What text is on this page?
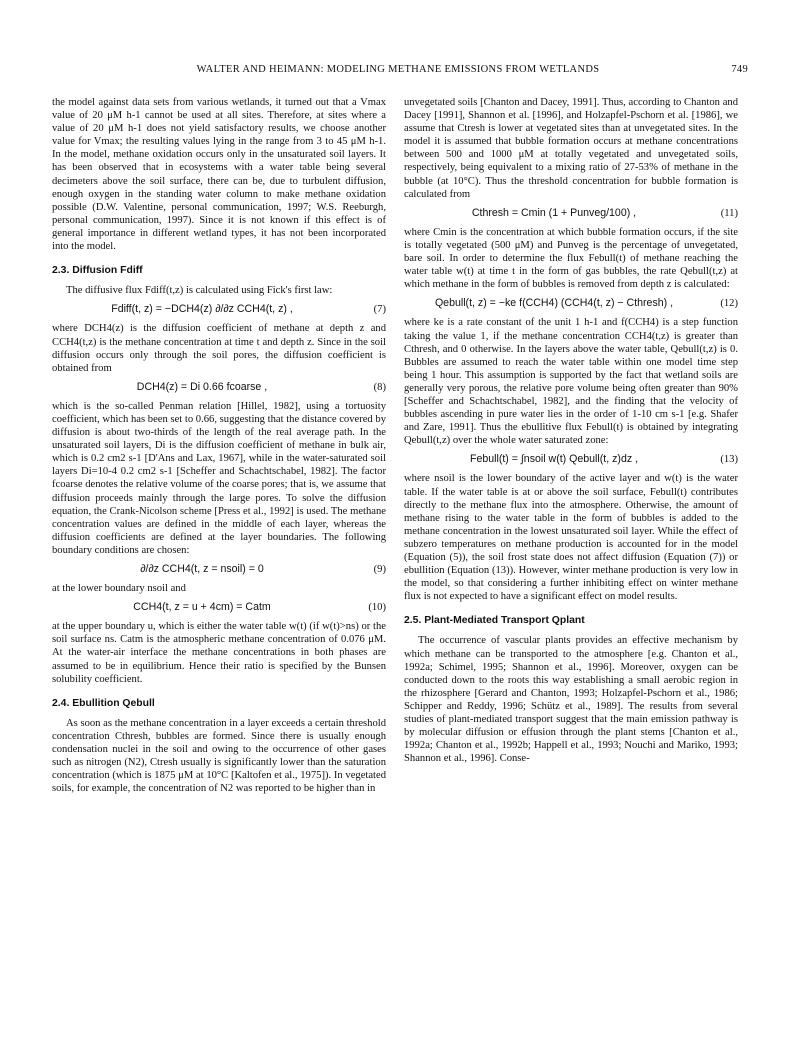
WALTER AND HEIMANN: MODELING METHANE EMISSIONS FROM WETLANDS	749

the model against data sets from various wetlands, it turned out that a Vmax value of 20 μM h-1 cannot be used at all sites. Therefore, at sites where a value of 20 μM h-1 does not yield satisfactory results, we choose another value for Vmax; the resulting values lying in the range from 3 to 45 μM h-1. In the model, methane oxidation occurs only in the unsaturated soil layers. It has been observed that in ecosystems with a water table being several decimeters above the soil surface, there can be, due to turbulent diffusion, enough oxygen in the standing water column to make methane oxidation possible (D.W. Valentine, personal communication, 1997; W.S. Reeburgh, personal communication, 1997). Since it is not known if this effect is of general importance in different wetland types, it has not been incorporated into the model.

2.3. Diffusion Fdiff

The diffusive flux Fdiff(t,z) is calculated using Fick's first law:

Fdiff(t, z) = −DCH4(z) ∂/∂z CCH4(t, z) ,	(7)

where DCH4(z) is the diffusion coefficient of methane at depth z and CCH4(t,z) is the methane concentration at time t and depth z. Since in the soil diffusion occurs only through the soil pores, the diffusion coefficient is obtained from

DCH4(z) = Di 0.66 fcoarse ,	(8)

which is the so-called Penman relation [Hillel, 1982], using a tortuosity coefficient, which has been set to 0.66, suggesting that the distance covered by diffusion is about two-thirds of the length of the real average path. In the unsaturated soil layers, Di is the diffusion coefficient of methane in bulk air, which is 0.2 cm2 s-1 [D'Ans and Lax, 1967], while in the water-saturated soil layers Di=10-4 0.2 cm2 s-1 [Scheffer and Schachtschabel, 1982]. The factor fcoarse denotes the relative volume of the coarse pores; that is, we assume that diffusion proceeds mainly through the large pores. To solve the diffusion equation, the Crank-Nicolson scheme [Press et al., 1992] is used. The methane concentration values are defined in the middle of each layer, whereas the diffusion coefficients are defined at the layer boundaries. The following boundary conditions are chosen:

∂/∂z CCH4(t, z = nsoil) = 0	(9)

at the lower boundary nsoil and

CCH4(t, z = u + 4cm) = Catm	(10)

at the upper boundary u, which is either the water table w(t) (if w(t)>ns) or the soil surface ns. Catm is the atmospheric methane concentration of 0.076 μM. At the water-air interface the methane concentrations in both phases are assumed to be in equilibrium. Hence their ratio is specified by the Bunsen solubility coefficient.

2.4. Ebullition Qebull

As soon as the methane concentration in a layer exceeds a certain threshold concentration Cthresh, bubbles are formed. Since there is usually enough condensation nuclei in the soil and owing to the occurrence of other gases such as nitrogen (N2), Ctresh usually is significantly lower than the saturation concentration (which is 1875 μM at 10°C [Kaltofen et al., 1975]). In vegetated soils, for example, the concentration of N2 was reported to be higher than in

unvegetated soils [Chanton and Dacey, 1991]. Thus, according to Chanton and Dacey [1991], Shannon et al. [1996], and Holzapfel-Pschorn et al. [1986], we assume that Ctresh is lower at vegetated sites than at unvegetated sites. In the model it is assumed that bubble formation occurs at methane concentrations between 500 and 1000 μM at totally vegetated and unvegetated soils, respectively, being equivalent to a mixing ratio of 27-53% of methane in the bubble (at 10°C). Thus the threshold concentration for bubble formation is calculated from

Cthresh = Cmin (1 + Punveg/100) ,	(11)

where Cmin is the concentration at which bubble formation occurs, if the site is totally vegetated (500 μM) and Punveg is the percentage of unvegetated, bare soil. In order to determine the flux Febull(t) of methane reaching the water table w(t) at time t in the form of gas bubbles, the rate Qebull(t,z) at which methane in the form of bubbles is removed from depth z is calculated:

Qebull(t, z) = −ke f(CCH4) (CCH4(t, z) − Cthresh) ,	(12)

where ke is a rate constant of the unit 1 h-1 and f(CCH4) is a step function taking the value 1, if the methane concentration CCH4(t,z) is greater than Cthresh, and 0 otherwise. In the layers above the water table, Qebull(t,z) is 0. Bubbles are assumed to reach the water table within one model time step being 1 hour. This assumption is supported by the fact that wetland soils are generally very porous, the relative pore volume being often greater than 90% [Scheffer and Schachtschabel, 1982], and the finding that the velocity of bubbles ascending in pure water lies in the order of 1-10 cm s-1 [e.g. Shafer and Zare, 1991]. Thus the ebullitive flux Febull(t) is obtained by integrating Qebull(t,z) over the whole water saturated zone:

Febull(t) = ∫nsoil w(t) Qebull(t, z)dz ,	(13)

where nsoil is the lower boundary of the active layer and w(t) is the water table. If the water table is at or above the soil surface, Febull(t) contributes directly to the methane flux into the atmosphere. Otherwise, the amount of methane rising to the water table in the form of bubbles is added to the methane concentration in the lowest unsaturated soil layer. While the effect of subzero temperatures on methane production is accounted for in the model (Equation (5)), the soil frost state does not affect diffusion (Equation (7)) or ebullition (Equation (13)). However, winter methane production is very low in the model, so that considering a further inhibiting effect on winter methane flux is not expected to have a significant effect on model results.

2.5. Plant-Mediated Transport Qplant

The occurrence of vascular plants provides an effective mechanism by which methane can be transported to the atmosphere [e.g. Chanton et al., 1992a; Schimel, 1995; Shannon et al., 1996]. Moreover, oxygen can be conducted down to the roots this way establishing a small aerobic region in the rhizosphere [Gerard and Chanton, 1993; Holzapfel-Pschorn et al., 1986; Schipper and Reddy, 1996; Schütz et al., 1989]. The results from several studies of plant-mediated transport suggest that the main emission pathway is by molecular diffusion or effusion through the plant stems [Chanton et al., 1992a; Chanton et al., 1992b; Happell et al., 1993; Nouchi and Mariko, 1993; Shannon et al., 1996]. Conse-
